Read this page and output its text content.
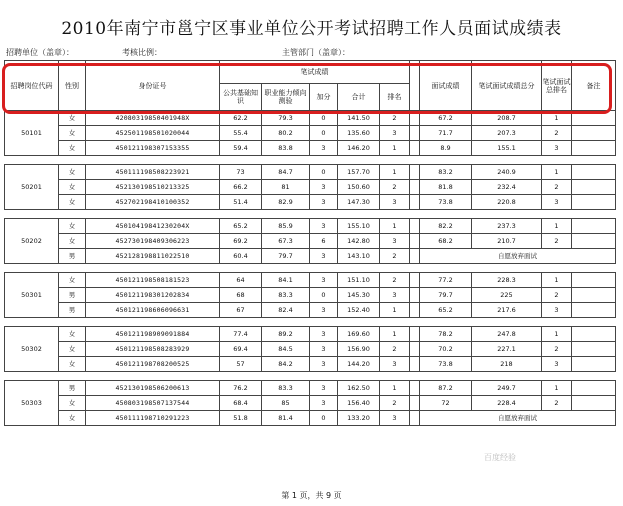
2010年南宁市邕宁区事业单位公开考试招聘工作人员面试成绩表
招聘单位（盖章）：	考核比例：	主管部门（盖章）：
招聘岗位代码	性别	身份证号	笔试成绩						面试成绩	笔试面试成绩总分	笔试面试总排名	备注
			公共基础知识	职业能力倾向测验	加分	合计	排名					
50101	女	42080319850401948X	62.2	79.3	0	141.50	2		67.2	208.7	1	
	女	452501198501020044	55.4	80.2	0	135.60	3		71.7	207.3	2	
	女	450121198307153355	59.4	83.8	3	146.20	1		8.9	155.1	3	

50201	女	450111198508223921	73	84.7	0	157.70	1		83.2	240.9	1	
	女	452130198510213325	66.2	81	3	150.60	2		81.8	232.4	2	
	女	452702198410100352	51.4	82.9	3	147.30	3		73.8	220.8	3	

50202	女	45010419841230204X	65.2	85.9	3	155.10	1		82.2	237.3	1	
	女	452730198409306223	69.2	67.3	6	142.80	3		68.2	210.7	2	
	男	452128198811022510	60.4	79.7	3	143.10	2		自愿放弃面试			

50301	女	450121198508181523	64	84.1	3	151.10	2		77.2	228.3	1	
	男	450121198301202834	68	83.3	0	145.30	3		79.7	225	2	
	男	450121198606096631	67	82.4	3	152.40	1		65.2	217.6	3	

50302	女	450121198909091884	77.4	89.2	3	169.60	1		78.2	247.8	1	
	女	450121198508283929	69.4	84.5	3	156.90	2		70.2	227.1	2	
	女	450121198708200525	57	84.2	3	144.20	3		73.8	218	3	

50303	男	452130198506200613	76.2	83.3	3	162.50	1		87.2	249.7	1	
	女	450803198507137544	68.4	85	3	156.40	2		72	228.4	2	
	女	450111198710291223	51.8	81.4	0	133.20	3		自愿放弃面试			
第 1 页，共 9 页
百度经验
